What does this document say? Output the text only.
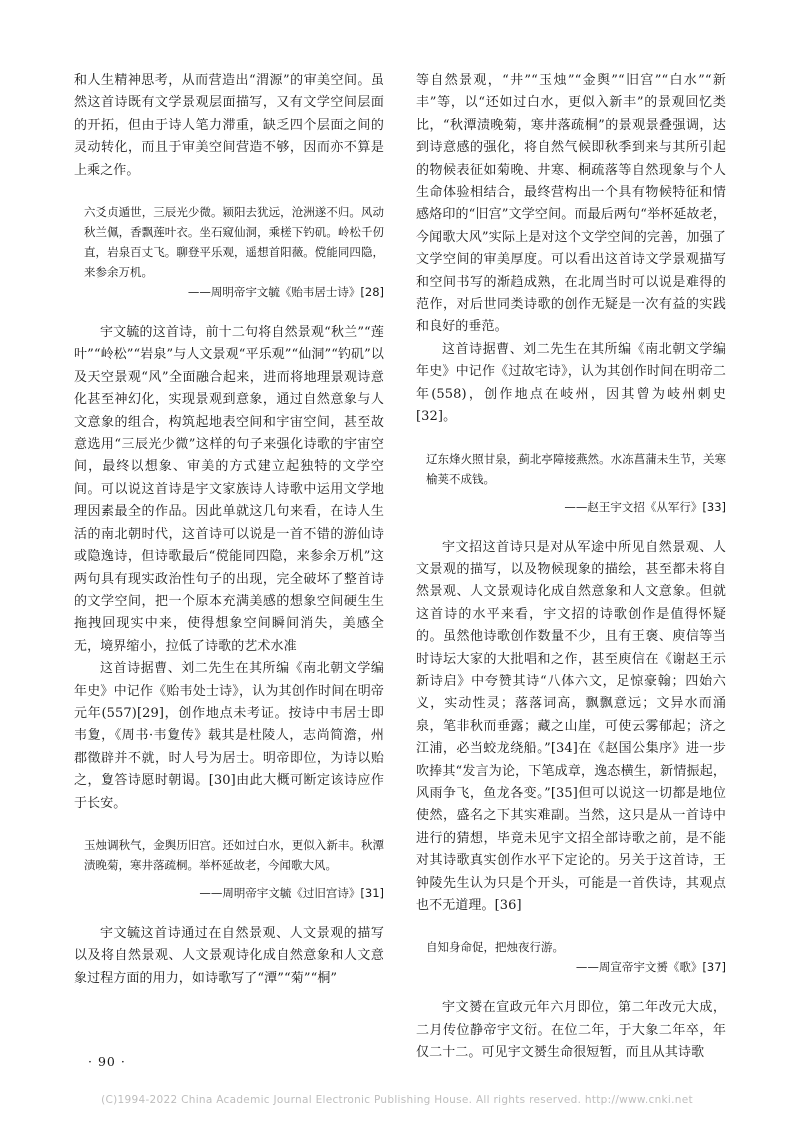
和人生精神思考，从而营造出“渭源”的审美空间。虽然这首诗既有文学景观层面描写，又有文学空间层面的开拓，但由于诗人笔力滞重，缺乏四个层面之间的灵动转化，而且于审美空间营造不够，因而亦不算是上乘之作。

六爻贞遁世，三辰光少微。颍阳去犹远，沧洲遂不归。风动秋兰佩，香飘莲叶衣。坐石窥仙洞，乘槎下钓矶。岭松千仞直，岩泉百丈飞。聊登平乐观，遥想首阳薇。傥能同四隐，来参余万机。

——周明帝宇文毓《贻韦居士诗》[28]

宇文毓的这首诗，前十二句将自然景观“秋兰”“莲叶”“岭松”“岩泉”与人文景观“平乐观”“仙洞”“钓矶”以及天空景观“风”全面融合起来，进而将地理景观诗意化甚至神幻化，实现景观到意象，通过自然意象与人文意象的组合，构筑起地表空间和宇宙空间，甚至故意选用“三辰光少微”这样的句子来强化诗歌的宇宙空间，最终以想象、审美的方式建立起独特的文学空间。可以说这首诗是宇文家族诗人诗歌中运用文学地理因素最全的作品。因此单就这几句来看，在诗人生活的南北朝时代，这首诗可以说是一首不错的游仙诗或隐逸诗，但诗歌最后“傥能同四隐，来参余万机”这两句具有现实政治性句子的出现，完全破坏了整首诗的文学空间，把一个原本充满美感的想象空间硬生生拖拽回现实中来，使得想象空间瞬间消失，美感全无，境界缩小，拉低了诗歌的艺术水准

这首诗据曹、刘二先生在其所编《南北朝文学编年史》中记作《贻韦处士诗》，认为其创作时间在明帝元年(557)[29]，创作地点未考证。按诗中韦居士即韦夐，《周书·韦夐传》载其是杜陵人，志尚简澹，州郡徵辟并不就，时人号为居士。明帝即位，为诗以贻之，夐答诗愿时朝谒。[30]由此大概可断定该诗应作于长安。

玉烛调秋气，金舆历旧宫。还如过白水，更似入新丰。秋潭渍晚菊，寒井落疏桐。举杯延故老，今闻歌大风。

——周明帝宇文毓《过旧宫诗》[31]

宇文毓这首诗通过在自然景观、人文景观的描写以及将自然景观、人文景观诗化成自然意象和人文意象过程方面的用力，如诗歌写了“潭”“菊”“桐”

等自然景观，“井”“玉烛”“金舆”“旧宫”“白水”“新丰”等，以“还如过白水，更似入新丰”的景观回忆类比，“秋潭渍晚菊，寒井落疏桐”的景观景叠强调，达到诗意感的强化，将自然气候即秋季到来与其所引起的物候表征如菊晚、井寒、桐疏落等自然现象与个人生命体验相结合，最终营构出一个具有物候特征和情感烙印的“旧宫”文学空间。而最后两句“举杯延故老，今闻歌大风”实际上是对这个文学空间的完善，加强了文学空间的审美厚度。可以看出这首诗文学景观描写和空间书写的渐趋成熟，在北周当时可以说是难得的范作，对后世同类诗歌的创作无疑是一次有益的实践和良好的垂范。

这首诗据曹、刘二先生在其所编《南北朝文学编年史》中记作《过故宅诗》，认为其创作时间在明帝二年(558)，创作地点在岐州，因其曾为岐州刺史[32]。

辽东烽火照甘泉，蓟北亭障接燕然。水冻菖蒲未生节，关寒榆荚不成钱。

——赵王宇文招《从军行》[33]

宇文招这首诗只是对从军途中所见自然景观、人文景观的描写，以及物候现象的描绘，甚至都未将自然景观、人文景观诗化成自然意象和人文意象。但就这首诗的水平来看，宇文招的诗歌创作是值得怀疑的。虽然他诗歌创作数量不少，且有王褒、庾信等当时诗坛大家的大批唱和之作，甚至庾信在《谢赵王示新诗启》中夸赞其诗“八体六文，足惊豪翰；四始六义，实动性灵；落落词高，飘飘意远；文异水而涌泉，笔非秋而垂露；藏之山崖，可使云雾郁起；济之江浦，必当蛟龙绕船。”[34]在《赵国公集序》进一步吹捧其“发言为论，下笔成章，逸态横生，新情振起，风雨争飞，鱼龙各变。”[35]但可以说这一切都是地位使然，盛名之下其实难副。当然，这只是从一首诗中进行的猜想，毕竟未见宇文招全部诗歌之前，是不能对其诗歌真实创作水平下定论的。另关于这首诗，王钟陵先生认为只是个开头，可能是一首佚诗，其观点也不无道理。[36]

自知身命促，把烛夜行游。

——周宣帝宇文赟《歌》[37]

宇文赟在宣政元年六月即位，第二年改元大成，二月传位静帝宇文衍。在位二年，于大象二年卒，年仅二十二。可见宇文赟生命很短暂，而且从其诗歌

· 90 ·
(C)1994-2022 China Academic Journal Electronic Publishing House. All rights reserved. http://www.cnki.net
